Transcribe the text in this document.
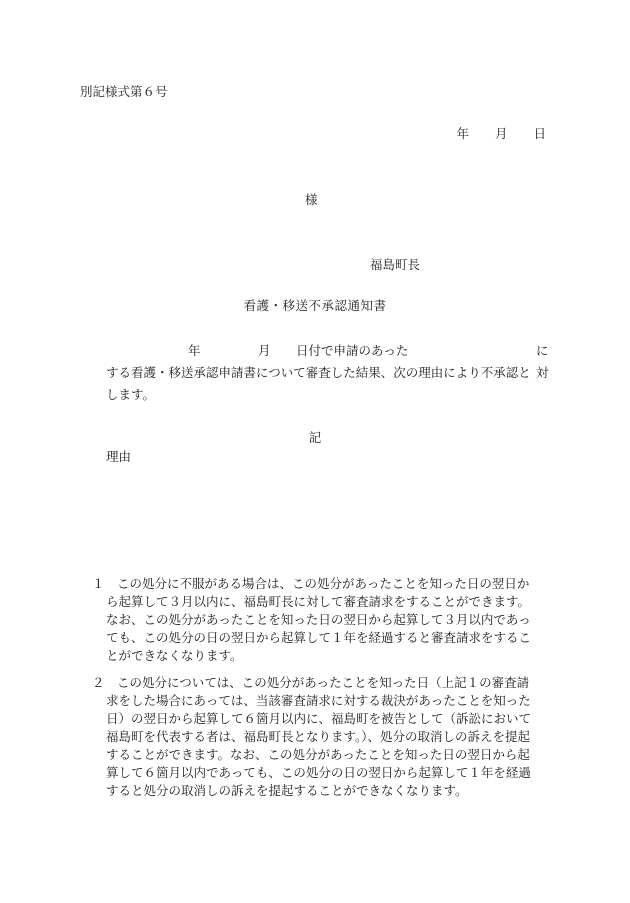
別記様式第６号
年 月 日
様
福島町長
看護・移送不承認通知書
年	月 日付で申請のあった	に対
する看護・移送承認申請書について審査した結果、次の理由により不承認と
します。
記
理由
１　この処分に不服がある場合は、この処分があったことを知った日の翌日か
ら起算して３月以内に、福島町長に対して審査請求をすることができます。
なお、この処分があったことを知った日の翌日から起算して３月以内であっ
ても、この処分の日の翌日から起算して１年を経過すると審査請求をするこ
とができなくなります。
２　この処分については、この処分があったことを知った日（上記１の審査請
求をした場合にあっては、当該審査請求に対する裁決があったことを知った
日）の翌日から起算して６箇月以内に、福島町を被告として（訴訟において
福島町を代表する者は、福島町長となります。）、処分の取消しの訴えを提起
することができます。なお、この処分があったことを知った日の翌日から起
算して６箇月以内であっても、この処分の日の翌日から起算して１年を経過
すると処分の取消しの訴えを提起することができなくなります。
